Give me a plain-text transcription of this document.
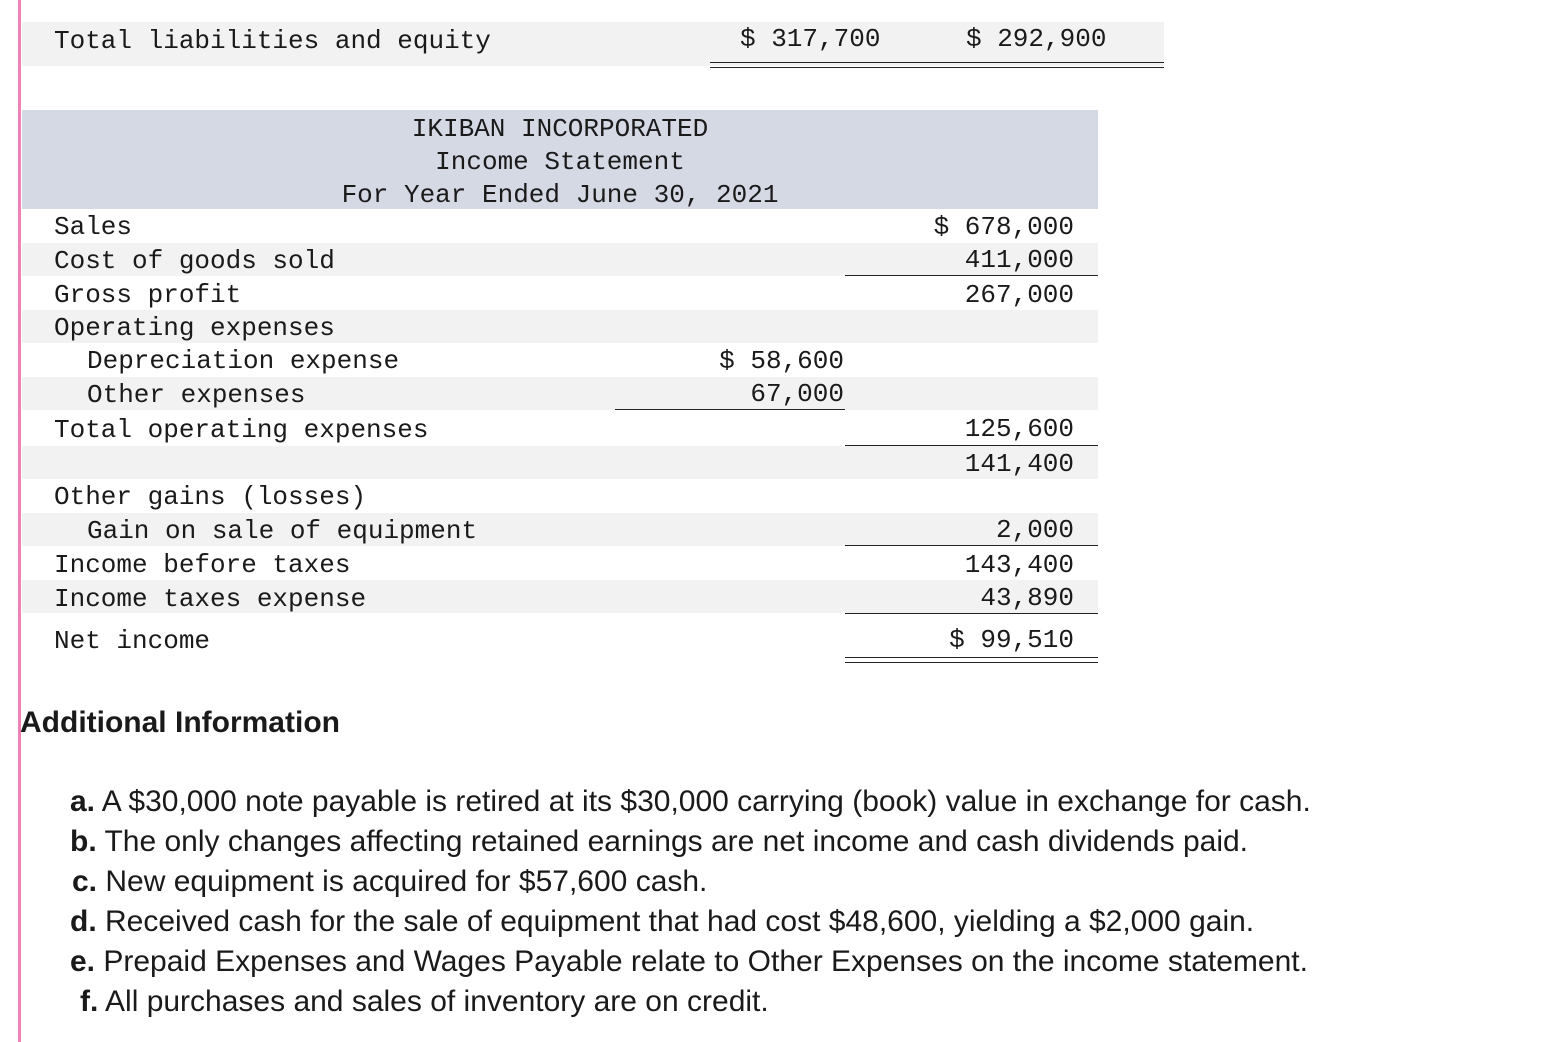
Total liabilities and equity	$ 317,700	$ 292,900
IKIBAN INCORPORATED
Income Statement
For Year Ended June 30, 2021
Sales
Cost of goods sold
Gross profit
Operating expenses
Depreciation expense
Other expenses
Total operating expenses
Other gains (losses)
Gain on sale of equipment
Income before taxes
Income taxes expense
Net income
$ 58,600
67,000
$ 678,000
411,000
267,000
125,600
141,400
2,000
143,400
43,890
$ 99,510
Additional Information
a. A $30,000 note payable is retired at its $30,000 carrying (book) value in exchange for cash.
b. The only changes affecting retained earnings are net income and cash dividends paid.
c. New equipment is acquired for $57,600 cash.
d. Received cash for the sale of equipment that had cost $48,600, yielding a $2,000 gain.
e. Prepaid Expenses and Wages Payable relate to Other Expenses on the income statement.
f. All purchases and sales of inventory are on credit.
